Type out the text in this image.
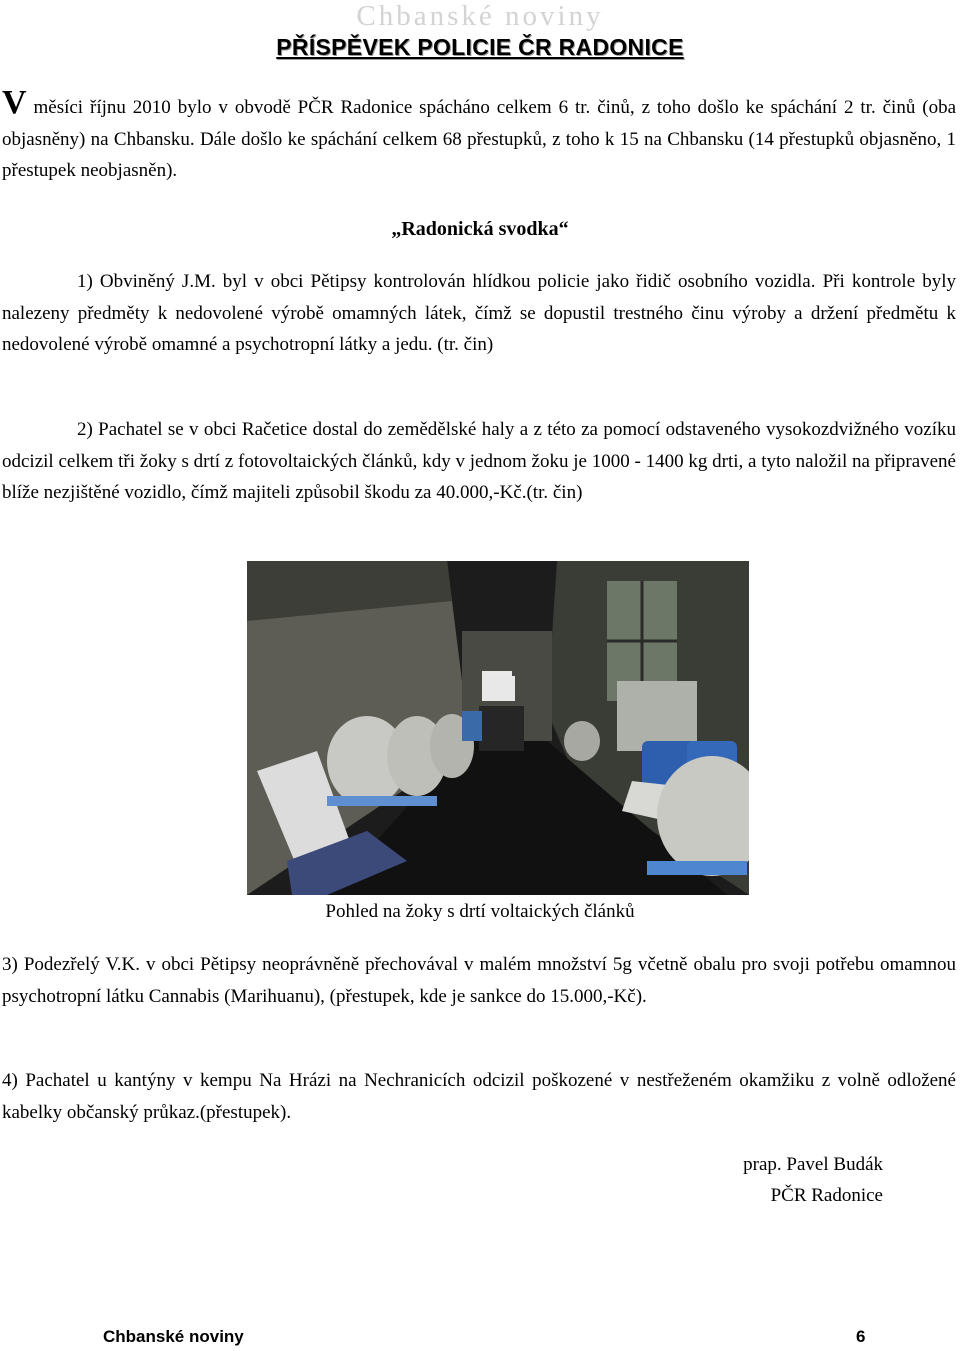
Chbanské noviny
PŘÍSPĚVEK POLICIE ČR RADONICE
V měsíci říjnu 2010 bylo v obvodě PČR Radonice spácháno celkem 6 tr. činů, z toho došlo ke spáchání 2 tr. činů (oba objasněny) na Chbansku. Dále došlo ke spáchání celkem 68 přestupků, z toho k 15 na Chbansku (14 přestupků objasněno, 1 přestupek neobjasněn).
„Radonická svodka“
1) Obviněný J.M. byl v obci Pětipsy kontrolován hlídkou policie jako řidič osobního vozidla. Při kontrole byly nalezeny předměty k nedovolené výrobě omamných látek, čímž se dopustil trestného činu výroby a držení předmětu k nedovolené výrobě omamné a psychotropní látky a jedu. (tr. čin)
2) Pachatel se v obci Račetice dostal do zemědělské haly a z této za pomocí odstaveného vysokozdvižného vozíku odcizil celkem tři žoky s drtí z fotovoltaických článků, kdy v jednom žoku je 1000 - 1400 kg drti, a tyto naložil na připravené blíže nezjištěné vozidlo, čímž majiteli způsobil škodu za 40.000,-Kč.(tr. čin)
Pohled na žoky s drtí voltaických článků
3) Podezřelý V.K. v obci Pětipsy neoprávněně přechovával v malém množství 5g včetně obalu pro svoji potřebu omamnou psychotropní látku Cannabis (Marihuanu), (přestupek, kde je sankce do 15.000,-Kč).
4) Pachatel u kantýny v kempu Na Hrázi na Nechranicích odcizil poškozené v nestřeženém okamžiku z volně odložené kabelky občanský průkaz.(přestupek).
prap. Pavel Budák
PČR Radonice
Chbanské noviny	6
